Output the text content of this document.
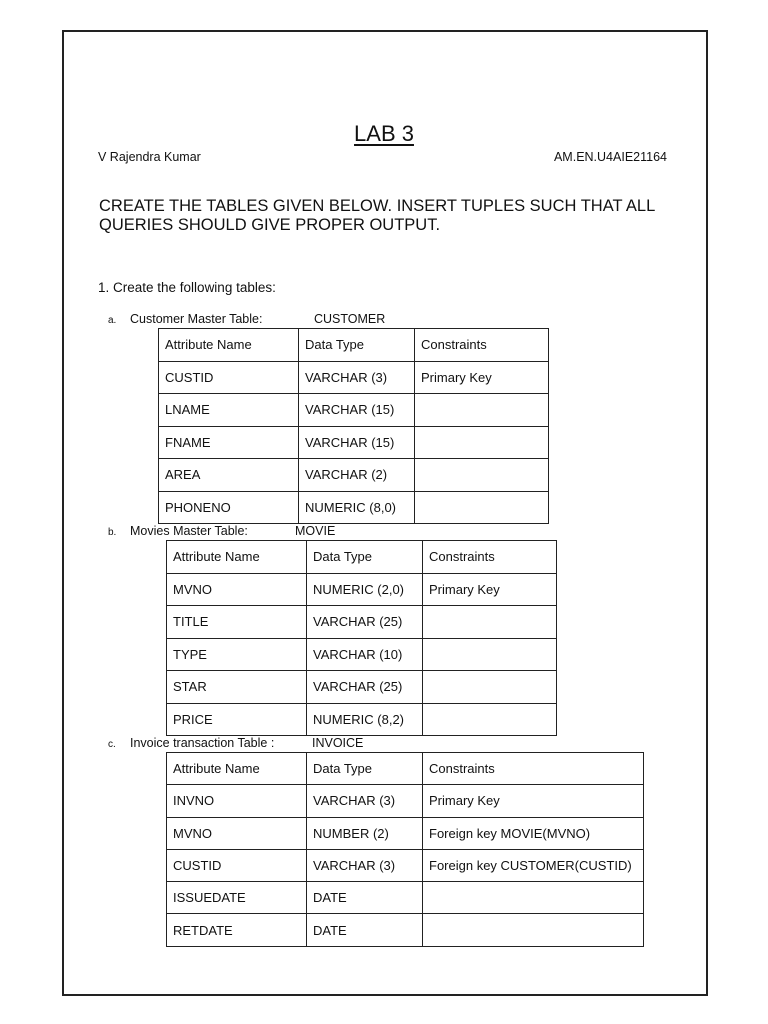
LAB 3
V Rajendra Kumar	AM.EN.U4AIE21164
CREATE THE TABLES GIVEN BELOW. INSERT TUPLES SUCH THAT ALL QUERIES SHOULD GIVE PROPER OUTPUT.
1. Create the following tables:
a. Customer Master Table:	CUSTOMER
Attribute Name	Data Type	Constraints
CUSTID	VARCHAR (3)	Primary Key
LNAME	VARCHAR (15)	
FNAME	VARCHAR (15)	
AREA	VARCHAR (2)	
PHONENO	NUMERIC (8,0)	
b. Movies Master Table:	MOVIE
Attribute Name	Data Type	Constraints
MVNO	NUMERIC (2,0)	Primary Key
TITLE	VARCHAR (25)	
TYPE	VARCHAR (10)	
STAR	VARCHAR (25)	
PRICE	NUMERIC (8,2)	
c. Invoice transaction Table :	INVOICE
Attribute Name	Data Type	Constraints
INVNO	VARCHAR (3)	Primary Key
MVNO	NUMBER (2)	Foreign key MOVIE(MVNO)
CUSTID	VARCHAR (3)	Foreign key CUSTOMER(CUSTID)
ISSUEDATE	DATE	
RETDATE	DATE	
